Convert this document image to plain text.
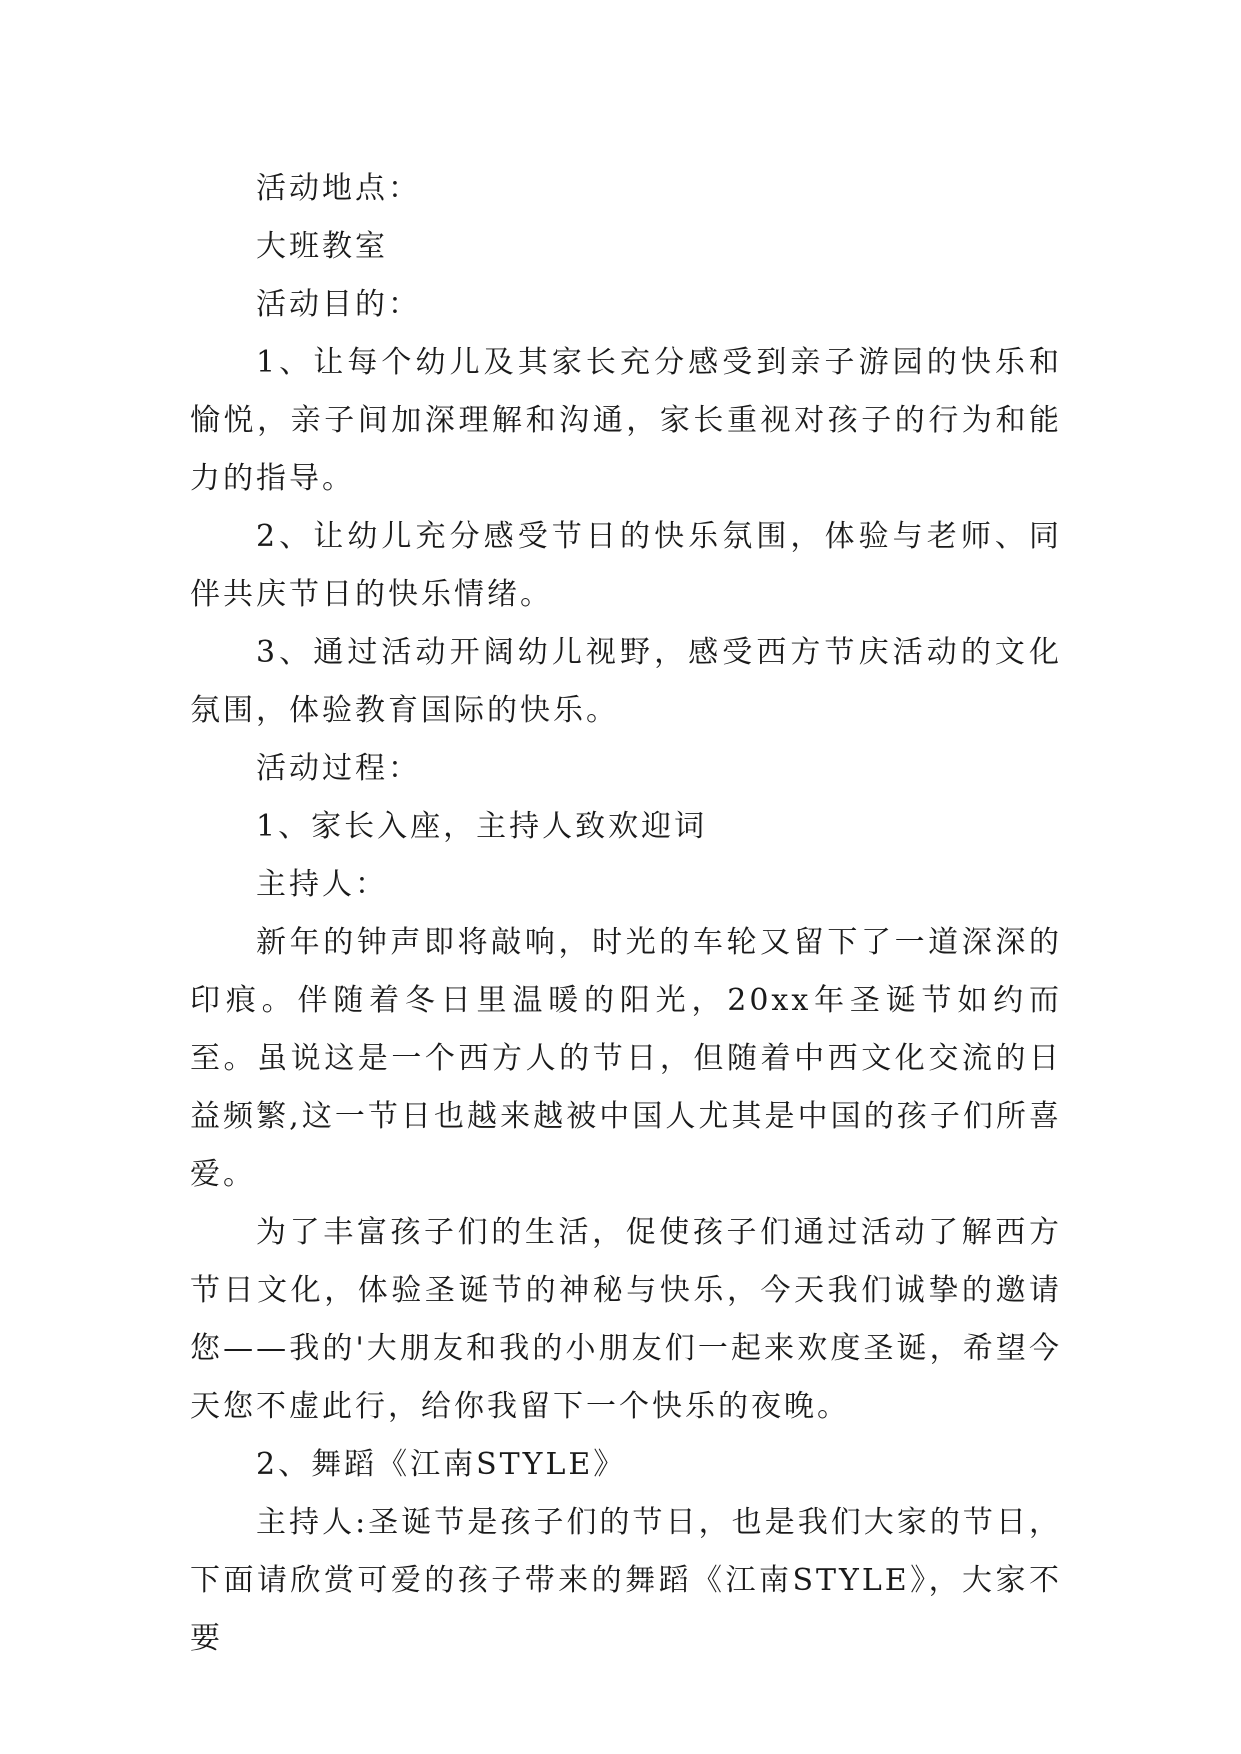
活动地点：

大班教室

活动目的：

1、让每个幼儿及其家长充分感受到亲子游园的快乐和愉悦，亲子间加深理解和沟通，家长重视对孩子的行为和能力的指导。

2、让幼儿充分感受节日的快乐氛围，体验与老师、同伴共庆节日的快乐情绪。

3、通过活动开阔幼儿视野，感受西方节庆活动的文化氛围，体验教育国际的快乐。

活动过程：

1、家长入座，主持人致欢迎词

主持人：

新年的钟声即将敲响，时光的车轮又留下了一道深深的印痕。伴随着冬日里温暖的阳光，20xx年圣诞节如约而至。虽说这是一个西方人的节日，但随着中西文化交流的日益频繁,这一节日也越来越被中国人尤其是中国的孩子们所喜爱。

为了丰富孩子们的生活，促使孩子们通过活动了解西方节日文化，体验圣诞节的神秘与快乐，今天我们诚挚的邀请您——我的'大朋友和我的小朋友们一起来欢度圣诞，希望今天您不虚此行，给你我留下一个快乐的夜晚。

2、舞蹈《江南STYLE》

主持人:圣诞节是孩子们的节日，也是我们大家的节日，下面请欣赏可爱的孩子带来的舞蹈《江南STYLE》，大家不要
